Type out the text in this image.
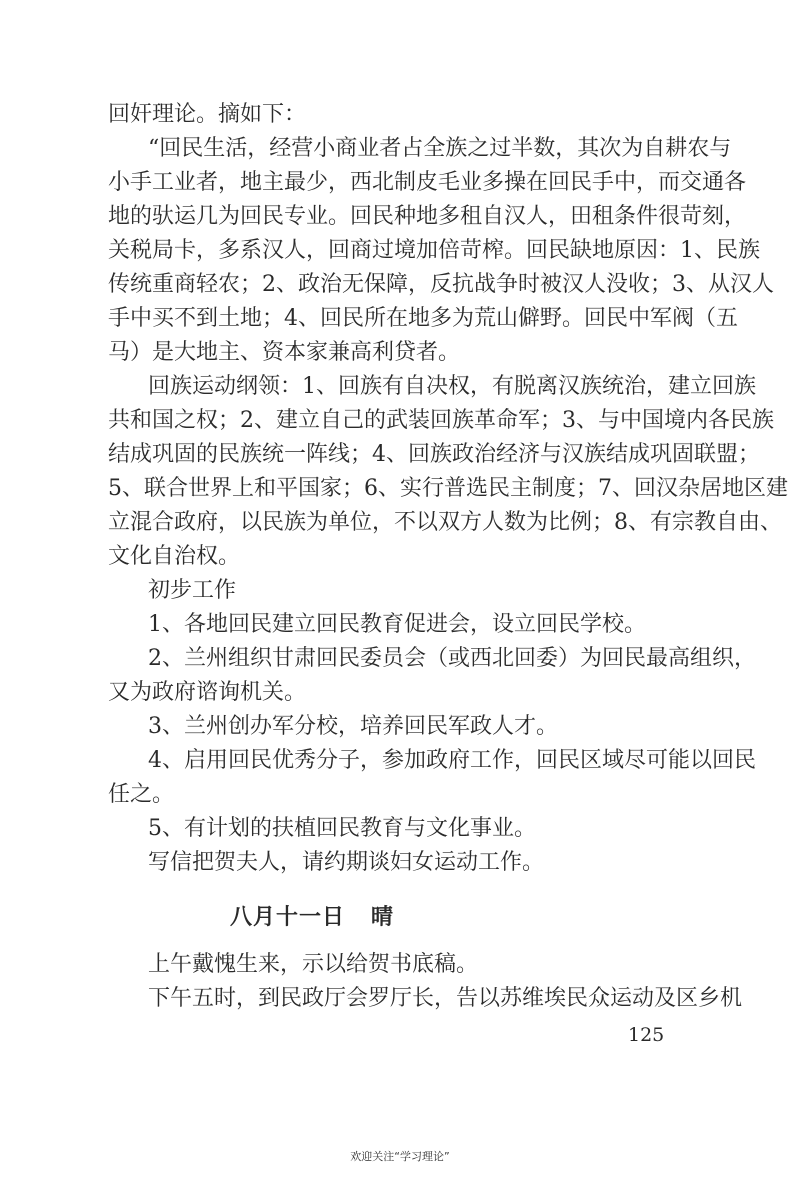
回奸理论。摘如下：
“回民生活，经营小商业者占全族之过半数，其次为自耕农与
小手工业者，地主最少，西北制皮毛业多操在回民手中，而交通各
地的驮运几为回民专业。回民种地多租自汉人，田租条件很苛刻，
关税局卡，多系汉人，回商过境加倍苛榨。回民缺地原因：1、民族
传统重商轻农；2、政治无保障，反抗战争时被汉人没收；3、从汉人
手中买不到土地；4、回民所在地多为荒山僻野。回民中军阀（五
马）是大地主、资本家兼高利贷者。
回族运动纲领：1、回族有自决权，有脱离汉族统治，建立回族
共和国之权；2、建立自己的武装回族革命军；3、与中国境内各民族
结成巩固的民族统一阵线；4、回族政治经济与汉族结成巩固联盟；
5、联合世界上和平国家；6、实行普选民主制度；7、回汉杂居地区建
立混合政府，以民族为单位，不以双方人数为比例；8、有宗教自由、
文化自治权。
初步工作
1、各地回民建立回民教育促进会，设立回民学校。
2、兰州组织甘肃回民委员会（或西北回委）为回民最高组织，
又为政府谘询机关。
3、兰州创办军分校，培养回民军政人才。
4、启用回民优秀分子，参加政府工作，回民区域尽可能以回民
任之。
5、有计划的扶植回民教育与文化事业。
写信把贺夫人，请约期谈妇女运动工作。
八月十一日 晴
上午戴愧生来，示以给贺书底稿。
下午五时，到民政厅会罗厅长，告以苏维埃民众运动及区乡机
125
欢迎关注“学习理论”
